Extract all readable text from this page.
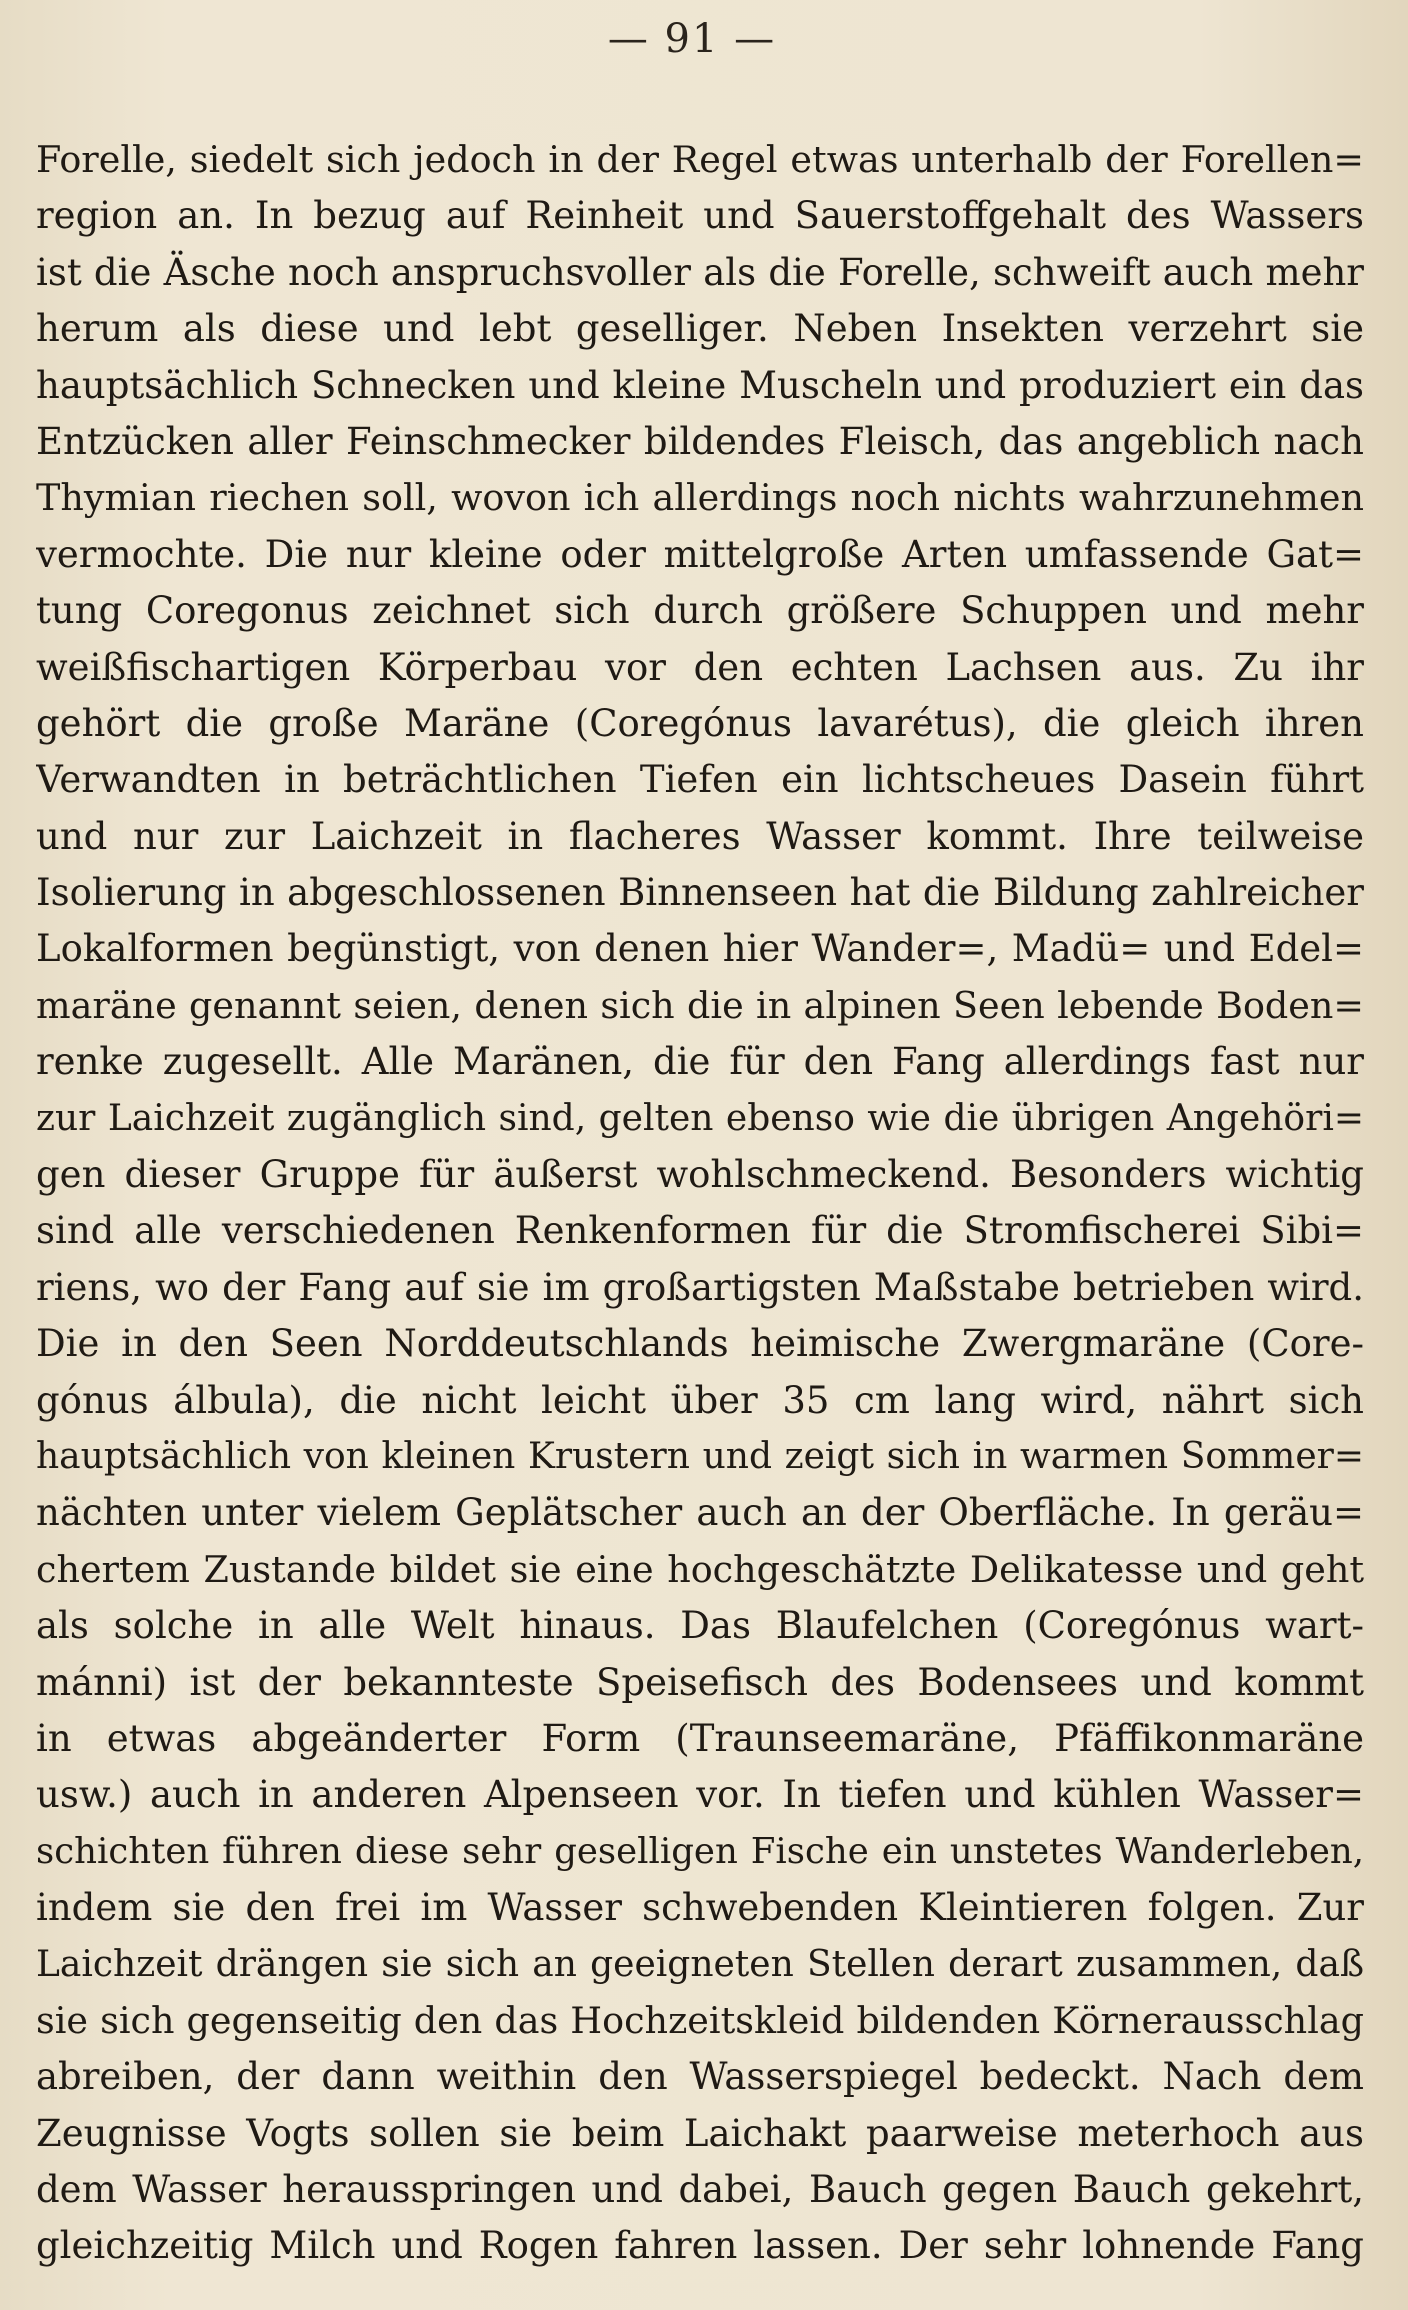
— 91 —
Forelle, siedelt sich jedoch in der Regel etwas unterhalb der Forellen=
region an. In bezug auf Reinheit und Sauerstoffgehalt des Wassers
ist die Äsche noch anspruchsvoller als die Forelle, schweift auch mehr
herum als diese und lebt geselliger. Neben Insekten verzehrt sie
hauptsächlich Schnecken und kleine Muscheln und produziert ein das
Entzücken aller Feinschmecker bildendes Fleisch, das angeblich nach
Thymian riechen soll, wovon ich allerdings noch nichts wahrzunehmen
vermochte. Die nur kleine oder mittelgroße Arten umfassende Gat=
tung Coregonus zeichnet sich durch größere Schuppen und mehr
weißfischartigen Körperbau vor den echten Lachsen aus. Zu ihr
gehört die große Maräne (Coregónus lavarétus), die gleich ihren
Verwandten in beträchtlichen Tiefen ein lichtscheues Dasein führt
und nur zur Laichzeit in flacheres Wasser kommt. Ihre teilweise
Isolierung in abgeschlossenen Binnenseen hat die Bildung zahlreicher
Lokalformen begünstigt, von denen hier Wander=, Madü= und Edel=
maräne genannt seien, denen sich die in alpinen Seen lebende Boden=
renke zugesellt. Alle Maränen, die für den Fang allerdings fast nur
zur Laichzeit zugänglich sind, gelten ebenso wie die übrigen Angehöri=
gen dieser Gruppe für äußerst wohlschmeckend. Besonders wichtig
sind alle verschiedenen Renkenformen für die Stromfischerei Sibi=
riens, wo der Fang auf sie im großartigsten Maßstabe betrieben wird.
Die in den Seen Norddeutschlands heimische Zwergmaräne (Core-
gónus álbula), die nicht leicht über 35 cm lang wird, nährt sich
hauptsächlich von kleinen Krustern und zeigt sich in warmen Sommer=
nächten unter vielem Geplätscher auch an der Oberfläche. In geräu=
chertem Zustande bildet sie eine hochgeschätzte Delikatesse und geht
als solche in alle Welt hinaus. Das Blaufelchen (Coregónus wart-
mánni) ist der bekannteste Speisefisch des Bodensees und kommt
in etwas abgeänderter Form (Traunseemaräne, Pfäffikonmaräne
usw.) auch in anderen Alpenseen vor. In tiefen und kühlen Wasser=
schichten führen diese sehr geselligen Fische ein unstetes Wanderleben,
indem sie den frei im Wasser schwebenden Kleintieren folgen. Zur
Laichzeit drängen sie sich an geeigneten Stellen derart zusammen, daß
sie sich gegenseitig den das Hochzeitskleid bildenden Körnerausschlag
abreiben, der dann weithin den Wasserspiegel bedeckt. Nach dem
Zeugnisse Vogts sollen sie beim Laichakt paarweise meterhoch aus
dem Wasser herausspringen und dabei, Bauch gegen Bauch gekehrt,
gleichzeitig Milch und Rogen fahren lassen. Der sehr lohnende Fang
